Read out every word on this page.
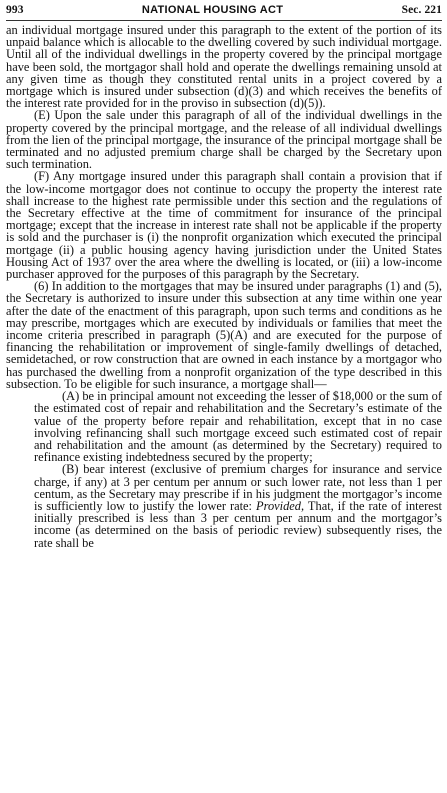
993	NATIONAL HOUSING ACT	Sec. 221

an individual mortgage insured under this paragraph to the extent of the portion of its unpaid balance which is allocable to the dwelling covered by such individual mortgage. Until all of the individual dwellings in the property covered by the principal mortgage have been sold, the mortgagor shall hold and operate the dwellings remaining unsold at any given time as though they constituted rental units in a project covered by a mortgage which is insured under subsection (d)(3) and which receives the benefits of the interest rate provided for in the proviso in subsection (d)(5)).

(E) Upon the sale under this paragraph of all of the individual dwellings in the property covered by the principal mortgage, and the release of all individual dwellings from the lien of the principal mortgage, the insurance of the principal mortgage shall be terminated and no adjusted premium charge shall be charged by the Secretary upon such termination.

(F) Any mortgage insured under this paragraph shall contain a provision that if the low-income mortgagor does not continue to occupy the property the interest rate shall increase to the highest rate permissible under this section and the regulations of the Secretary effective at the time of commitment for insurance of the principal mortgage; except that the increase in interest rate shall not be applicable if the property is sold and the purchaser is (i) the nonprofit organization which executed the principal mortgage (ii) a public housing agency having jurisdiction under the United States Housing Act of 1937 over the area where the dwelling is located, or (iii) a low-income purchaser approved for the purposes of this paragraph by the Secretary.

(6) In addition to the mortgages that may be insured under paragraphs (1) and (5), the Secretary is authorized to insure under this subsection at any time within one year after the date of the enactment of this paragraph, upon such terms and conditions as he may prescribe, mortgages which are executed by individuals or families that meet the income criteria prescribed in paragraph (5)(A) and are executed for the purpose of financing the rehabilitation or improvement of single-family dwellings of detached, semidetached, or row construction that are owned in each instance by a mortgagor who has purchased the dwelling from a nonprofit organization of the type described in this subsection. To be eligible for such insurance, a mortgage shall—

(A) be in principal amount not exceeding the lesser of $18,000 or the sum of the estimated cost of repair and rehabilitation and the Secretary’s estimate of the value of the property before repair and rehabilitation, except that in no case involving refinancing shall such mortgage exceed such estimated cost of repair and rehabilitation and the amount (as determined by the Secretary) required to refinance existing indebtedness secured by the property;

(B) bear interest (exclusive of premium charges for insurance and service charge, if any) at 3 per centum per annum or such lower rate, not less than 1 per centum, as the Secretary may prescribe if in his judgment the mortgagor’s income is sufficiently low to justify the lower rate: Provided, That, if the rate of interest initially prescribed is less than 3 per centum per annum and the mortgagor’s income (as determined on the basis of periodic review) subsequently rises, the rate shall be
